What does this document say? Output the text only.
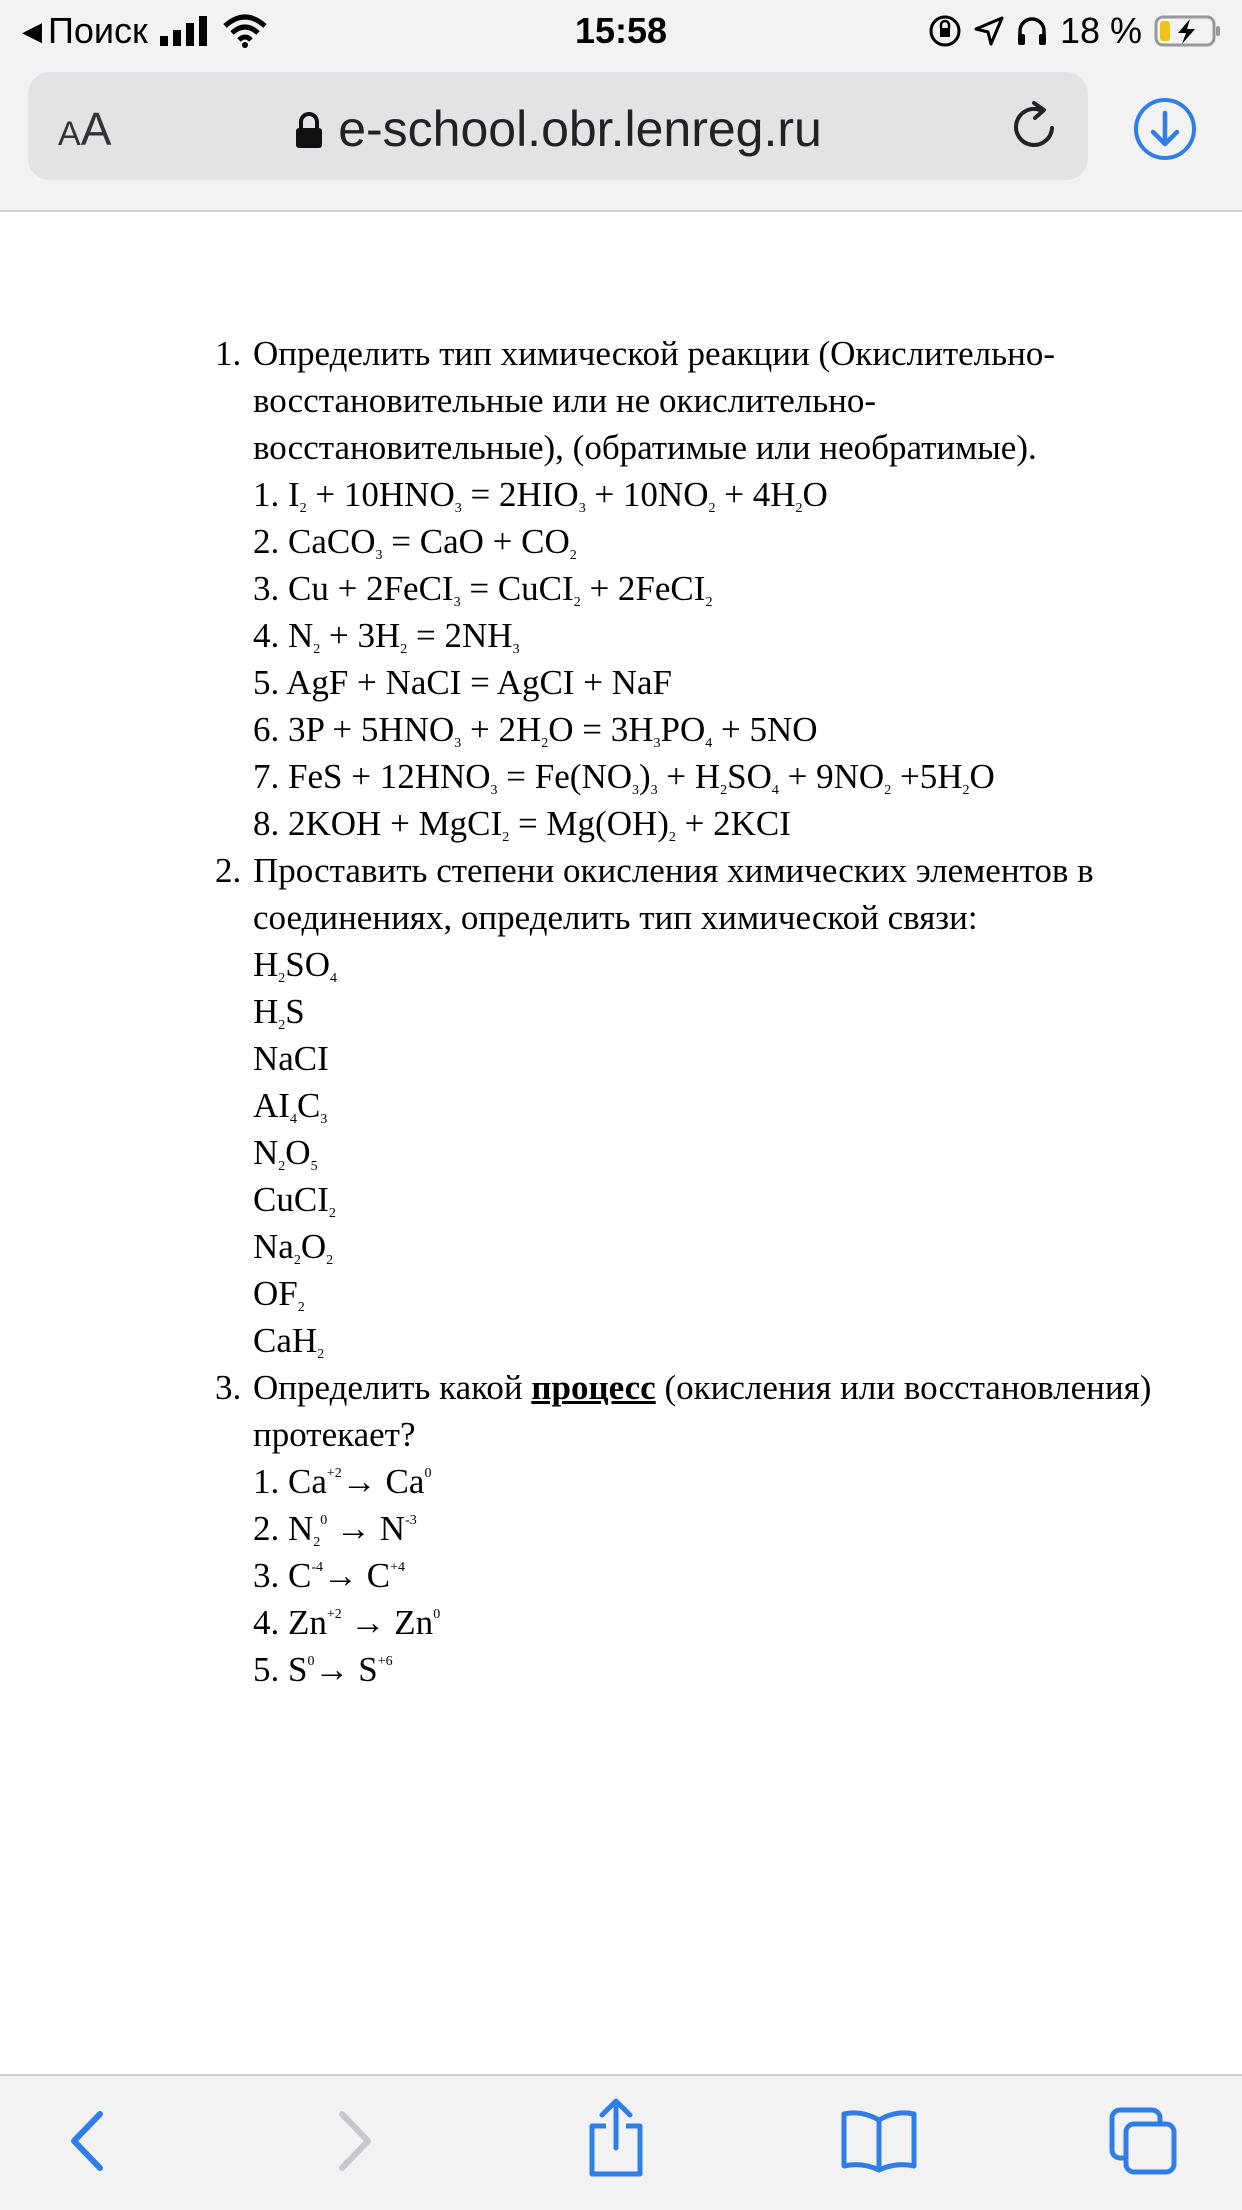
◀ Поиск	15:58	18 %
AA	e-school.obr.lenreg.ru
1. Определить тип химической реакции (Окислительно-восстановительные или не окислительно-восстановительные), (обратимые или необратимые).
1. $I_2 + 10HNO_3 = 2HIO_3 + 10NO_2 + 4H_2O$
2. CaCO$_3$ = CaO + $CO_2$
3. Cu + 2FeCI$_3$ = CuCI$_2$ + 2FeCI$_2$
4. $N_2 + 3H_2 = 2NH_3$
5. AgF + NaCI = AgCI + NaF
6. $3P + 5HNO_3 + 2H_2O = 3H_3PO_4 + 5NO$
7. FeS + $12HNO_3 = Fe(NO_3)_3 + H_2SO_4 + 9NO_2 +5H_2O$
8. 2KOH + MgCI$_2$ = $Mg(OH)_2 + 2KCI$
2. Проставить степени окисления химических элементов в соединениях, определить тип химической связи:
$H_2SO_4$
$H_2S$
NaCI
$AI_4C_3$
$N_2O_5$
CuCI$_2$
$Na_2O_2$
$OF_2$
CaH$_2$
3. Определить какой процесс (окисления или восстановления) протекает?
1. $Ca^{+2}\to Ca^0$
2. $N_2^0 \to N^{-3}$
3. $C^{-4}\to C^{+4}$
4. $Zn^{+2} \to Zn^0$
5. $S^0\to S^{+6}$
